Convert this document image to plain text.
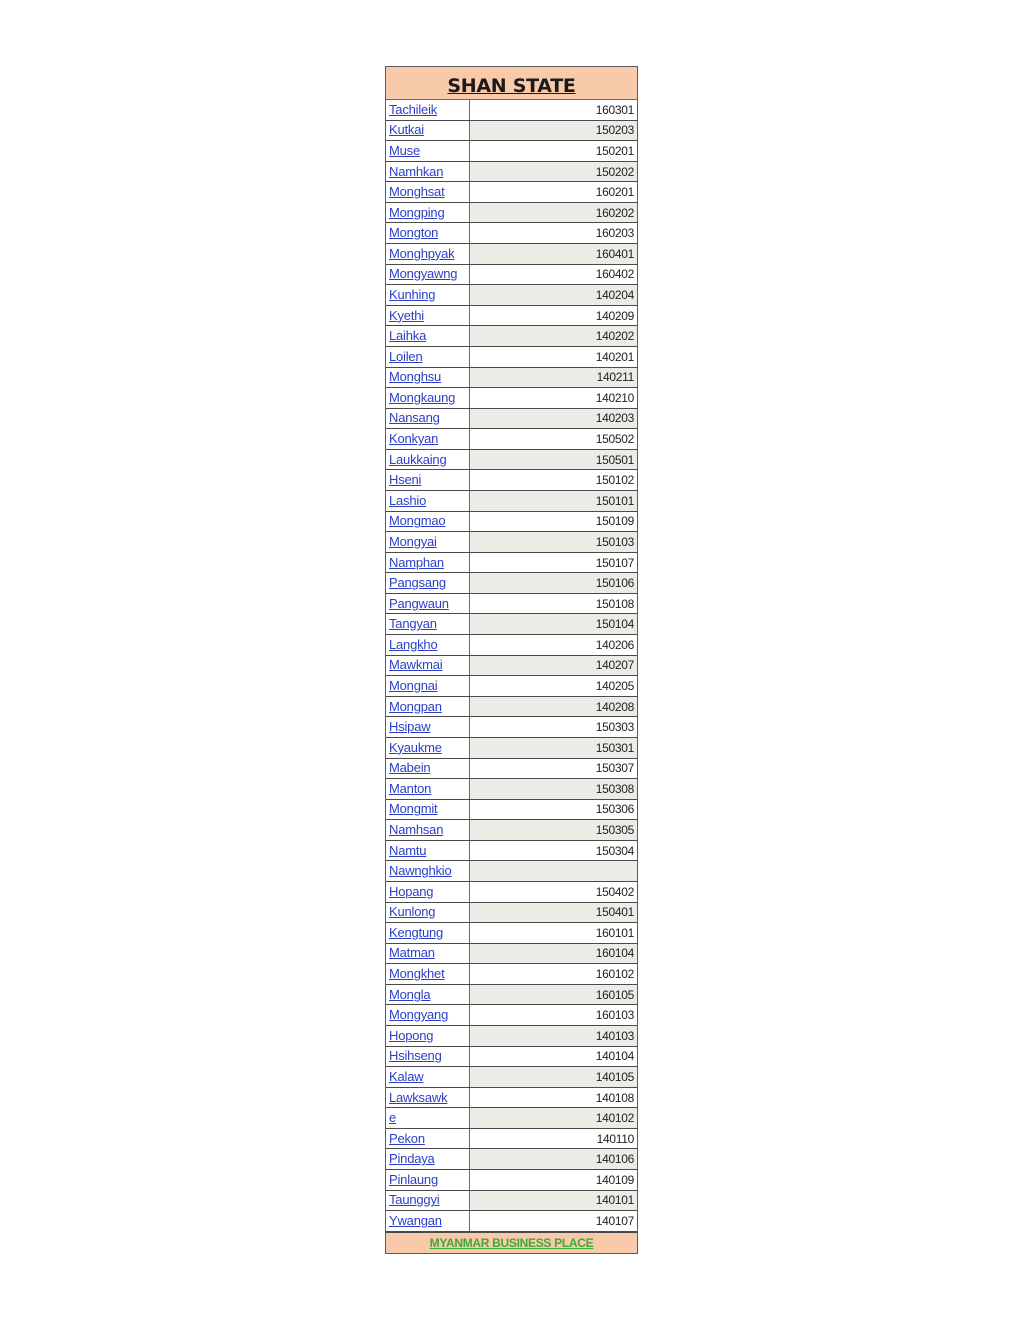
SHAN STATE
Tachileik	160301
Kutkai	150203
Muse	150201
Namhkan	150202
Monghsat	160201
Mongping	160202
Mongton	160203
Monghpyak	160401
Mongyawng	160402
Kunhing	140204
Kyethi	140209
Laihka	140202
Loilen	140201
Monghsu	140211
Mongkaung	140210
Nansang	140203
Konkyan	150502
Laukkaing	150501
Hseni	150102
Lashio	150101
Mongmao	150109
Mongyai	150103
Namphan	150107
Pangsang	150106
Pangwaun	150108
Tangyan	150104
Langkho	140206
Mawkmai	140207
Mongnai	140205
Mongpan	140208
Hsipaw	150303
Kyaukme	150301
Mabein	150307
Manton	150308
Mongmit	150306
Namhsan	150305
Namtu	150304
Nawnghkio
Hopang	150402
Kunlong	150401
Kengtung	160101
Matman	160104
Mongkhet	160102
Mongla	160105
Mongyang	160103
Hopong	140103
Hsihseng	140104
Kalaw	140105
Lawksawk	140108
e	140102
Pekon	140110
Pindaya	140106
Pinlaung	140109
Taunggyi	140101
Ywangan	140107
MYANMAR BUSINESS PLACE
